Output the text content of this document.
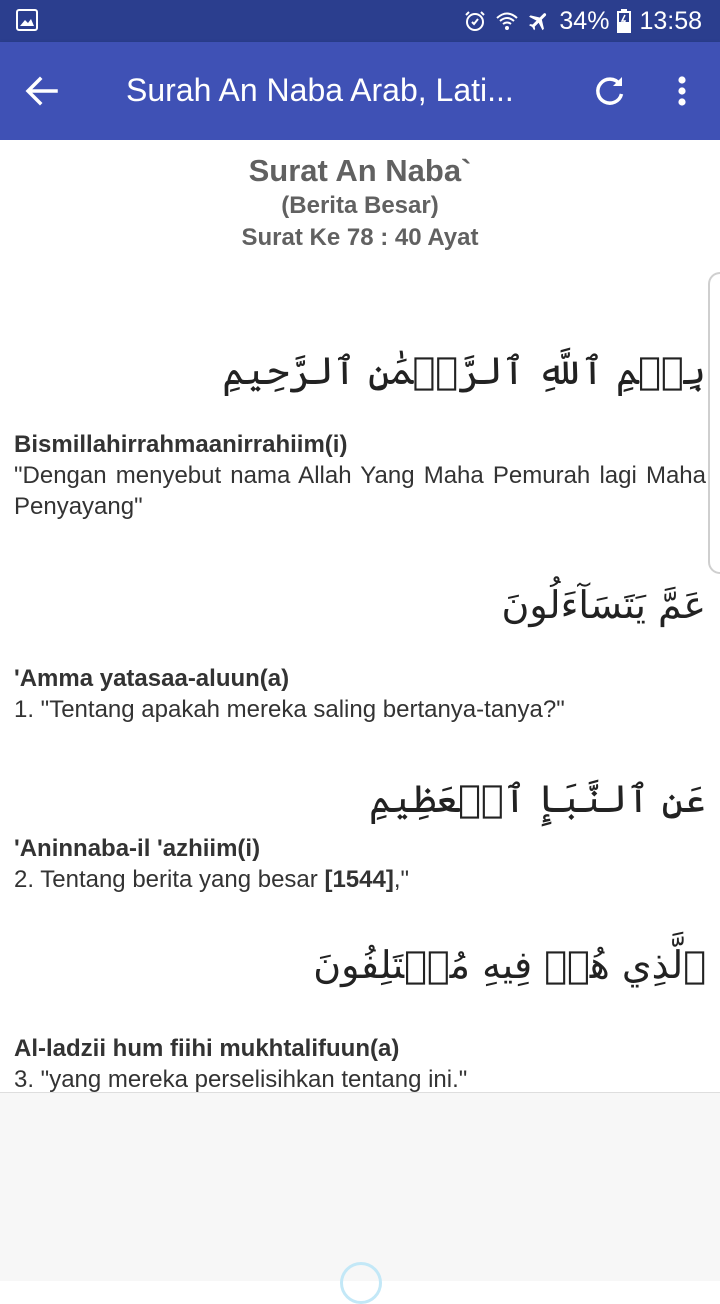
34% 13:58
Surah An Naba Arab, Lati...
Surat An Naba`
(Berita Besar)
Surat Ke 78 : 40 Ayat
بِسۡمِ ٱللَّهِ ٱلرَّحۡمَٰنِ ٱلرَّحِيمِ
Bismillahirrahmaanirrahiim(i)
"Dengan menyebut nama Allah Yang Maha Pemurah lagi Maha Penyayang"
عَمَّ يَتَسَآءَلُونَ
'Amma yatasaa-aluun(a)
1. "Tentang apakah mereka saling bertanya-tanya?"
عَنِ ٱلنَّبَإِ ٱلۡعَظِيمِ
'Aninnaba-il 'azhiim(i)
2. Tentang berita yang besar [1544],"
ٱلَّذِي هُمۡ فِيهِ مُخۡتَلِفُونَ
Al-ladzii hum fiihi mukhtalifuun(a)
3. "yang mereka perselisihkan tentang ini."
